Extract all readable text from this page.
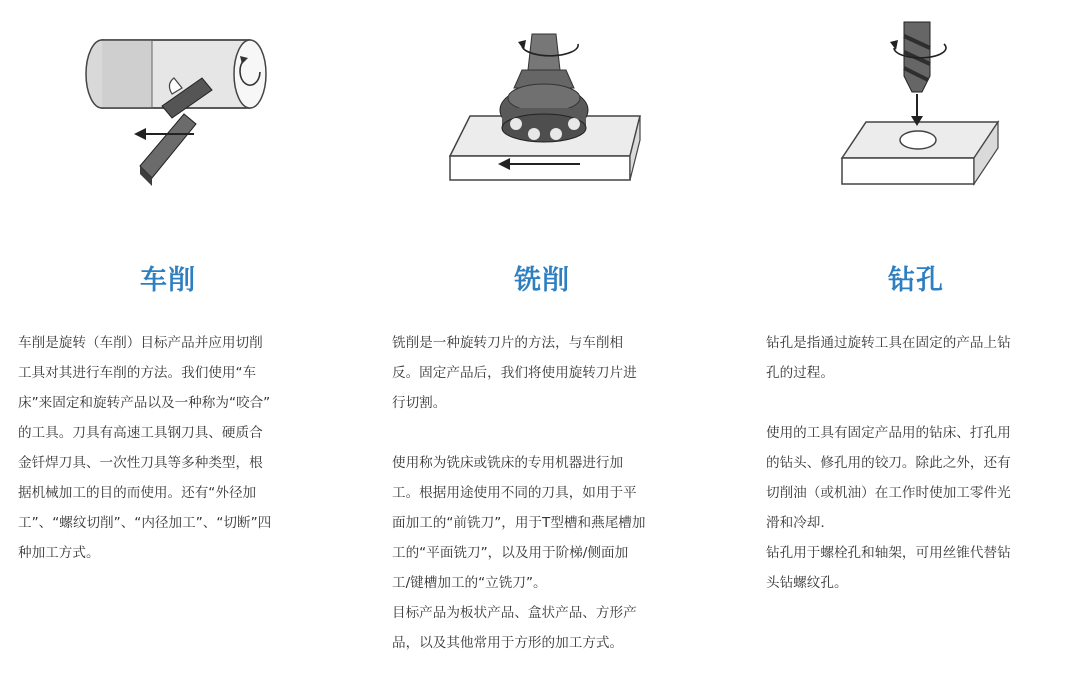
车削

车削是旋转（车削）目标产品并应用切削
工具对其进行车削的方法。我们使用“车
床”来固定和旋转产品以及一种称为“咬合”
的工具。刀具有高速工具钢刀具、硬质合
金钎焊刀具、一次性刀具等多种类型，根
据机械加工的目的而使用。还有“外径加
工”、“螺纹切削”、“内径加工”、“切断”四
种加工方式。

铣削

铣削是一种旋转刀片的方法，与车削相
反。固定产品后，我们将使用旋转刀片进
行切割。

使用称为铣床或铣床的专用机器进行加
工。根据用途使用不同的刀具，如用于平
面加工的“前铣刀”，用于T型槽和燕尾槽加
工的“平面铣刀”，以及用于阶梯/侧面加
工/键槽加工的“立铣刀”。
目标产品为板状产品、盒状产品、方形产
品，以及其他常用于方形的加工方式。

钻孔

钻孔是指通过旋转工具在固定的产品上钻
孔的过程。

使用的工具有固定产品用的钻床、打孔用
的钻头、修孔用的铰刀。除此之外，还有
切削油（或机油）在工作时使加工零件光
滑和冷却.
钻孔用于螺栓孔和轴架，可用丝锥代替钻
头钻螺纹孔。
